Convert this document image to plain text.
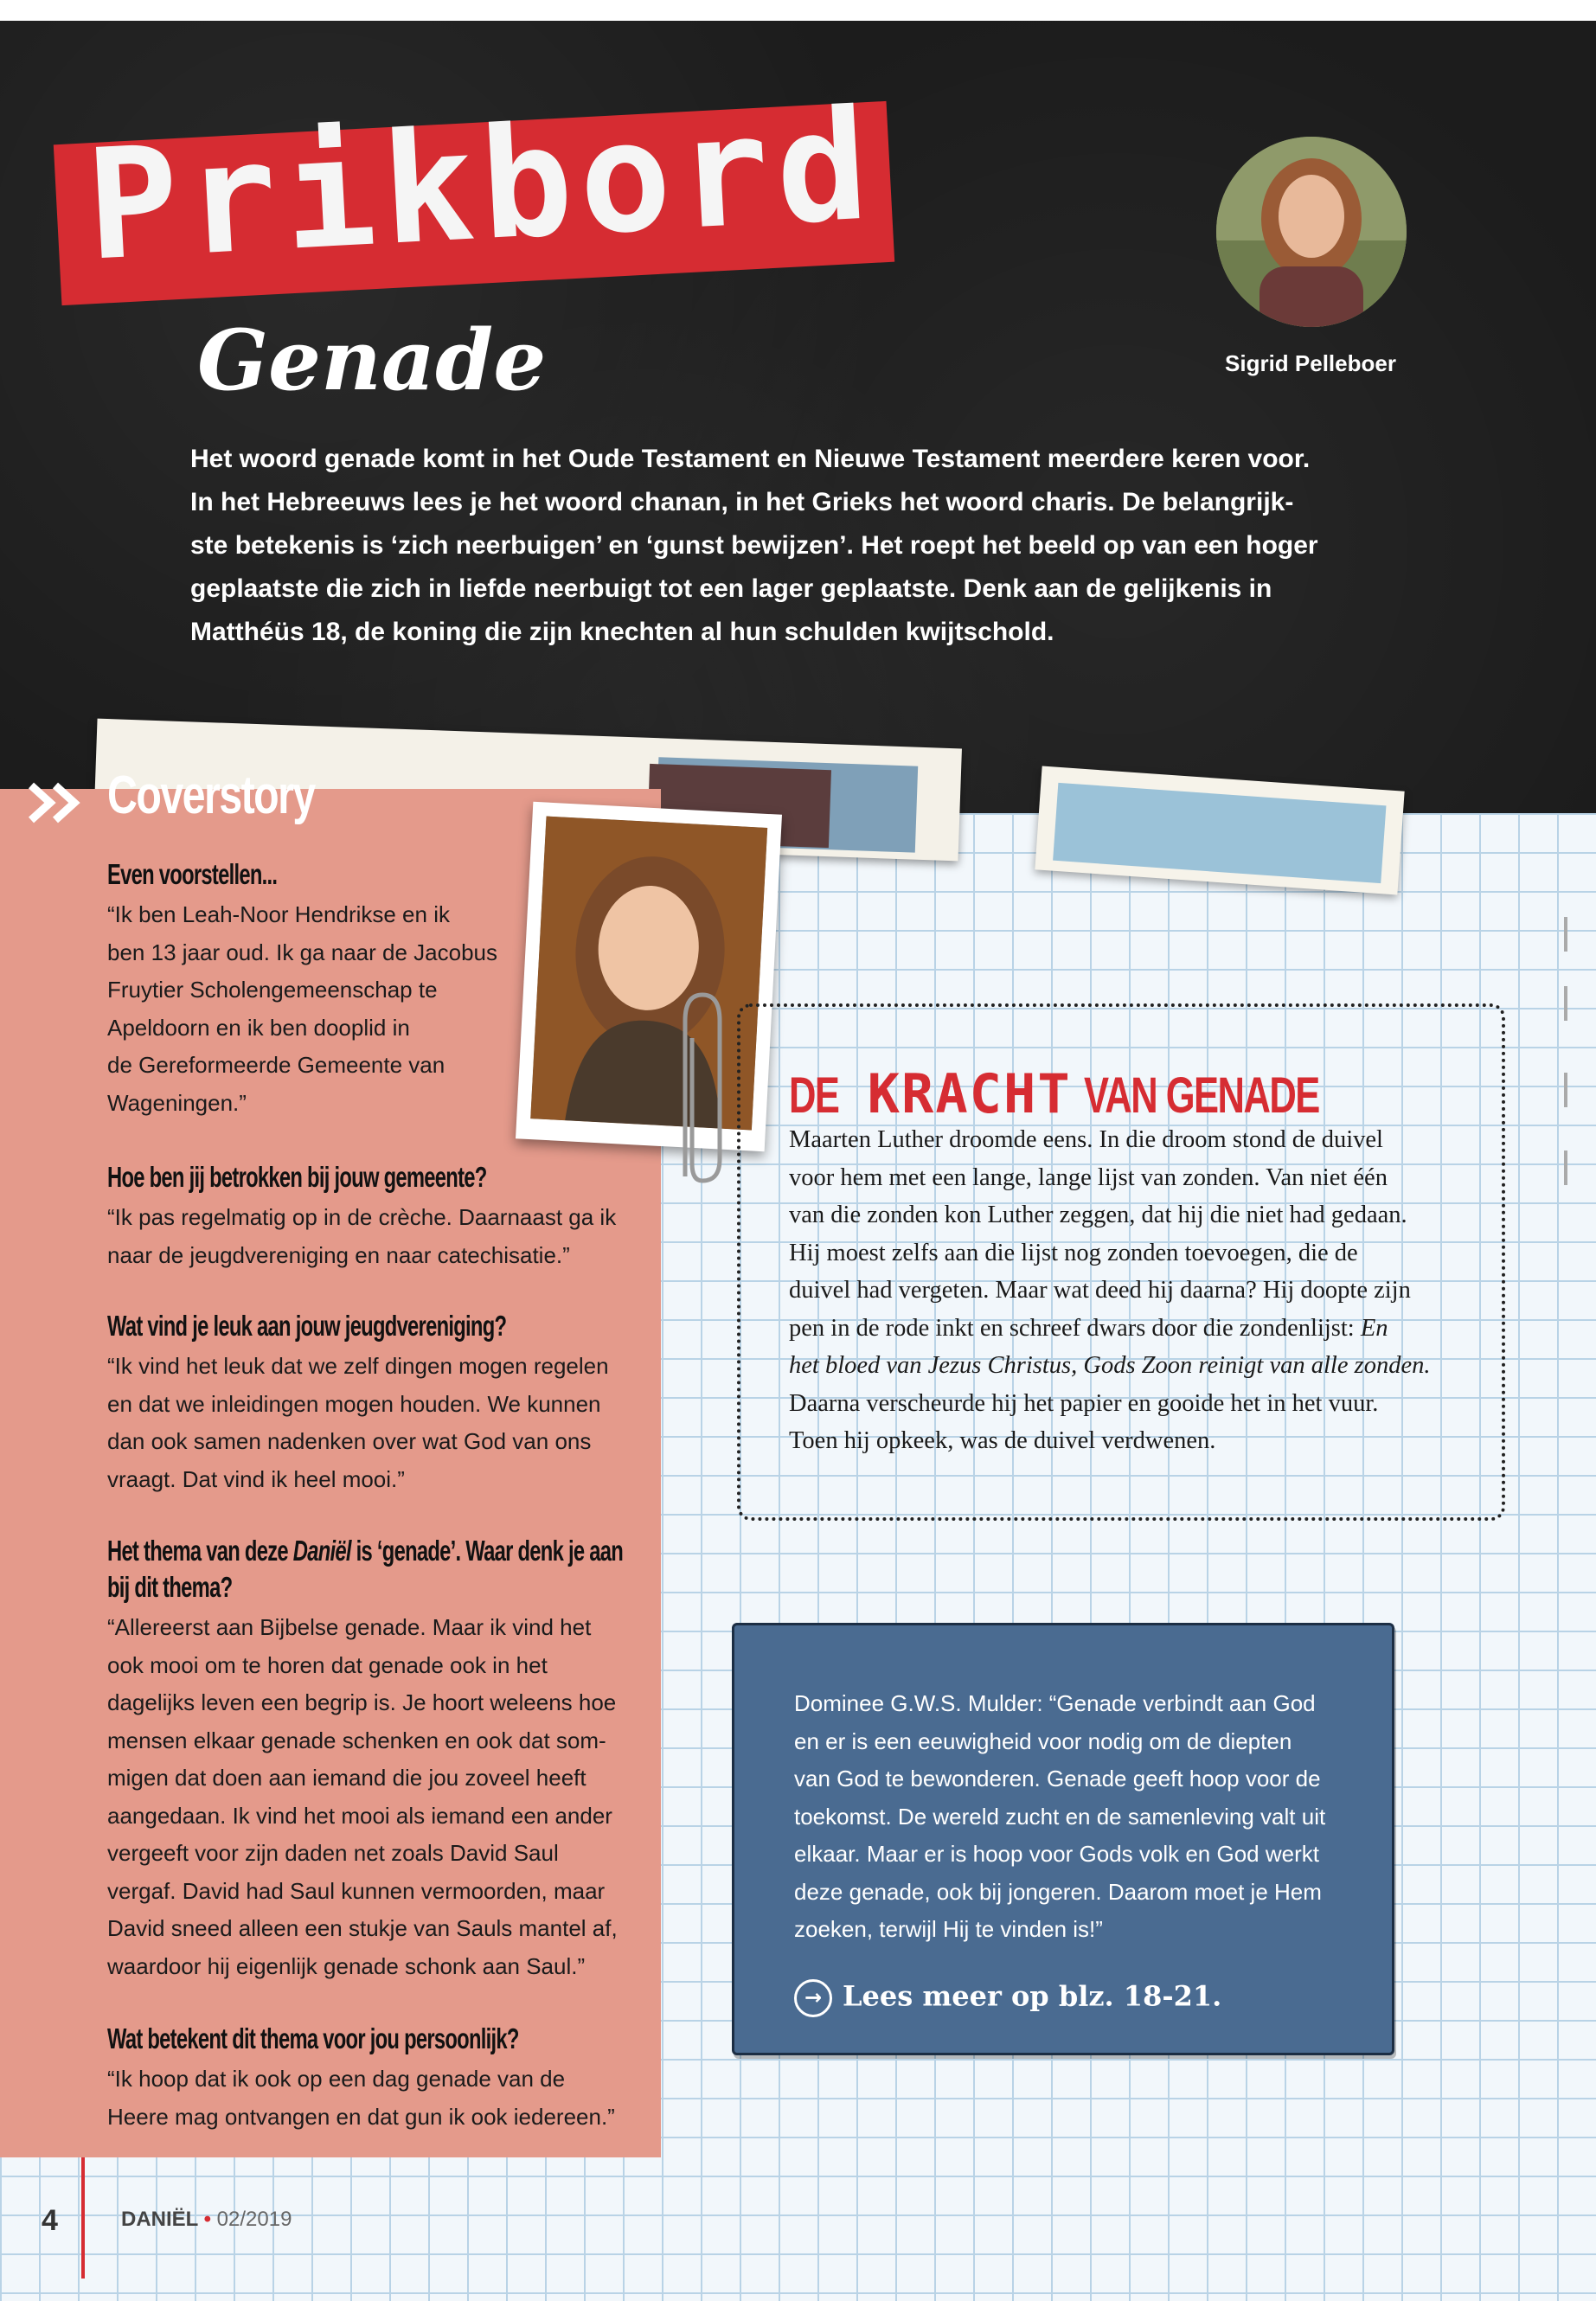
Prikbord
Genade	Sigrid Pelleboer

Het woord genade komt in het Oude Testament en Nieuwe Testament meerdere keren voor.

In het Hebreeuws lees je het woord chanan, in het Grieks het woord charis. De belangrijk-

ste betekenis is ‘zich neerbuigen’ en ‘gunst bewijzen’. Het roept het beeld op van een hoger

geplaatste die zich in liefde neerbuigt tot een lager geplaatste. Denk aan de gelijkenis in

Matthéüs 18, de koning die zijn knechten al hun schulden kwijtschold.

Coverstory
Even voorstellen...

“Ik ben Leah-Noor Hendrikse en ik

ben 13 jaar oud. Ik ga naar de Jacobus

Fruytier Scholengemeenschap te

Apeldoorn en ik ben dooplid in

de Gereformeerde Gemeente van

Wageningen.”

Hoe ben jij betrokken bij jouw gemeente?

“Ik pas regelmatig op in de crèche. Daarnaast ga ik

naar de jeugdvereniging en naar catechisatie.”

Wat vind je leuk aan jouw jeugdvereniging?

“Ik vind het leuk dat we zelf dingen mogen regelen

en dat we inleidingen mogen houden. We kunnen

dan ook samen nadenken over wat God van ons

vraagt. Dat vind ik heel mooi.”

Het thema van deze Daniël is ‘genade’. Waar denk je aan
bij dit thema?

“Allereerst aan Bijbelse genade. Maar ik vind het

ook mooi om te horen dat genade ook in het

dagelijks leven een begrip is. Je hoort weleens hoe

mensen elkaar genade schenken en ook dat som-

migen dat doen aan iemand die jou zoveel heeft

aangedaan. Ik vind het mooi als iemand een ander

vergeeft voor zijn daden net zoals David Saul

vergaf. David had Saul kunnen vermoorden, maar

David sneed alleen een stukje van Sauls mantel af,

waardoor hij eigenlijk genade schonk aan Saul.”

Wat betekent dit thema voor jou persoonlijk?

“Ik hoop dat ik ook op een dag genade van de

Heere mag ontvangen en dat gun ik ook iedereen.”

DE KRACHT VAN GENADE

Maarten Luther droomde eens. In die droom stond de duivel

voor hem met een lange, lange lijst van zonden. Van niet één

van die zonden kon Luther zeggen, dat hij die niet had gedaan.

Hij moest zelfs aan die lijst nog zonden toevoegen, die de

duivel had vergeten. Maar wat deed hij daarna? Hij doopte zijn

pen in de rode inkt en schreef dwars door die zondenlijst: En

het bloed van Jezus Christus, Gods Zoon reinigt van alle zonden.

Daarna verscheurde hij het papier en gooide het in het vuur.

Toen hij opkeek, was de duivel verdwenen.

Dominee G.W.S. Mulder: “Genade verbindt aan God

en er is een eeuwigheid voor nodig om de diepten

van God te bewonderen. Genade geeft hoop voor de

toekomst. De wereld zucht en de samenleving valt uit

elkaar. Maar er is hoop voor Gods volk en God werkt

deze genade, ook bij jongeren. Daarom moet je Hem

zoeken, terwijl Hij te vinden is!”

→ Lees meer op blz. 18-21.
4	DANIËL • 02/2019
